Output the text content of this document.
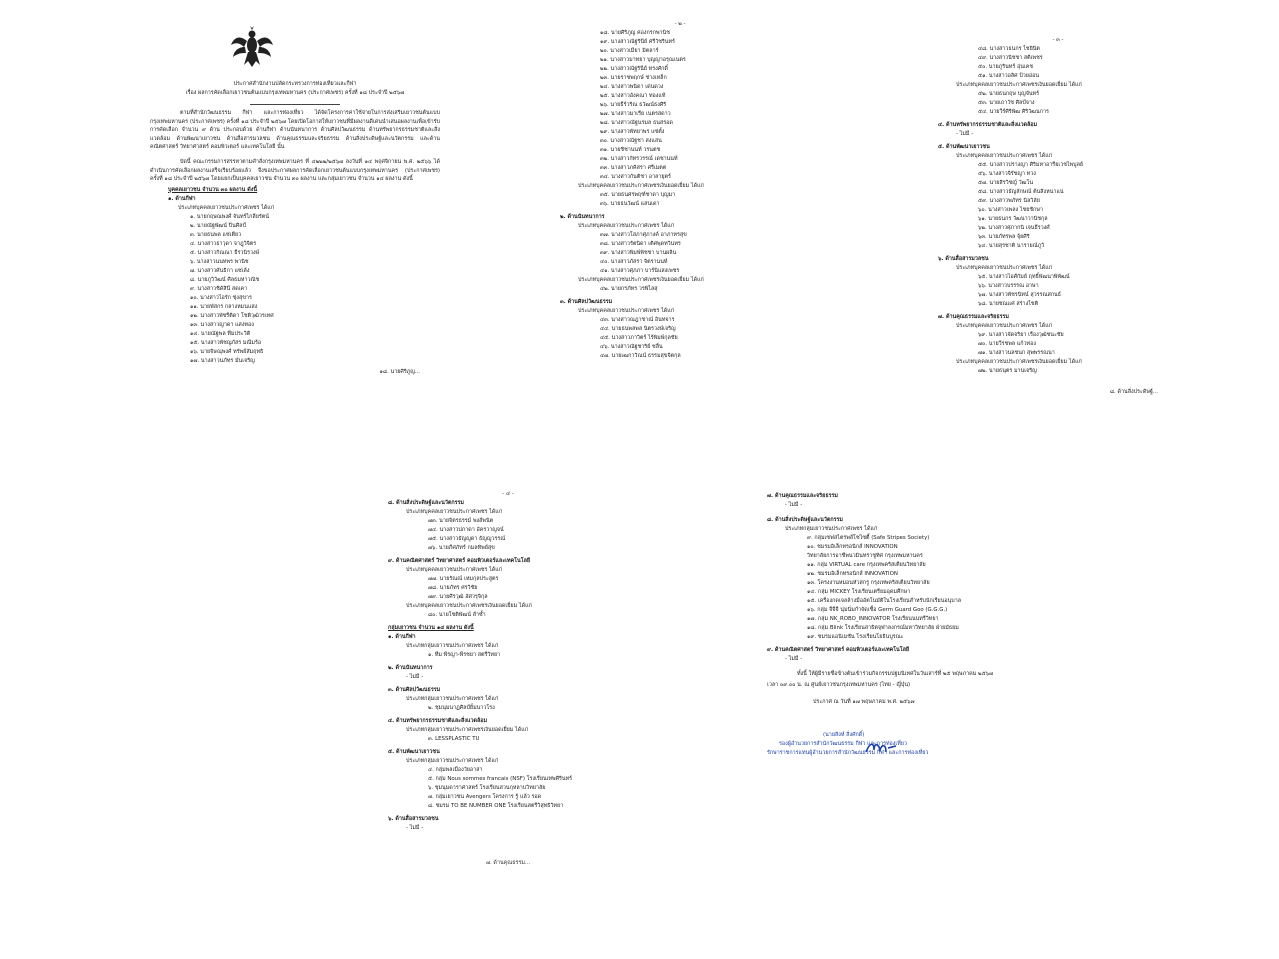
ประกาศสำนักงานปลัดกระทรวงการท่องเที่ยวและกีฬา
เรื่อง ผลการคัดเลือกเยาวชนต้นแบบกรุงเทพมหานคร (ประกาศเพชร) ครั้งที่ ๑๘ ประจำปี ๒๕๖๗
ตามที่สำนักวัฒนธรรม กีฬา และการท่องเที่ยว ได้จัดโครงการค่าใช้จ่ายในการส่งเสริมเยาวชนต้นแบบกรุงเทพมหานคร (ประกาศเพชร) ครั้งที่ ๑๘ ประจำปี ๒๕๖๗ โดยเปิดโอกาสให้เยาวชนที่มีผลงานดีเด่นนำเสนอผลงานเพื่อเข้ารับการคัดเลือก จำนวน ๙ ด้าน ประกอบด้วย ด้านกีฬา ด้านนันทนาการ ด้านศิลปวัฒนธรรม ด้านทรัพยากรธรรมชาติและสิ่งแวดล้อม ด้านพัฒนาเยาวชน ด้านสื่อสารมวลชน ด้านคุณธรรมและจริยธรรม ด้านสิ่งประดิษฐ์และนวัตกรรม และด้านคณิตศาสตร์ วิทยาศาสตร์ คอมพิวเตอร์ และเทคโนโลยี นั้น
บัดนี้ คณะกรรมการสรรหาตามคำสั่งกรุงเทพมหานคร ที่ ๔๒๒๒/๒๕๖๗ ลงวันที่ ๑๔ พฤศจิกายน พ.ศ. ๒๕๖๖ ได้ดำเนินการคัดเลือกผลงานเสร็จเรียบร้อยแล้ว จึงขอประกาศผลการคัดเลือกเยาวชนต้นแบบกรุงเทพมหานคร (ประกาศเพชร) ครั้งที่ ๑๘ ประจำปี ๒๕๖๗ โดยแยกเป็นบุคคลเยาวชน จำนวน ๓๐ ผลงาน และกลุ่มเยาวชน จำนวน ๑๔ ผลงาน ดังนี้
บุคคลเยาวชน จำนวน ๓๐ ผลงาน ดังนี้
๑. ด้านกีฬา
ประเภทบุคคลเยาวชนประกาศเพชร ได้แก่
๑. นายกฤษณพงศ์ จันทร์ไกลียรัตน์
๒. นายณัฐพัฒน์ ปิ่นศิลป์
๓. นายธนพล แซ่เตียว
๔. นางสาวธาวุดา จาฎุวิจิตร
๕. นางสาวกิณณา ธีรวนิรวงษ์
๖. นางสาวนนทพร พานิช
๗. นางสาวศันธิกา แซ่เล้ง
๘. นายภูวิวัฒน์ ศิลธมหาวณิช
๙. นางสาวชิดัสินี สดเคา
๑๐. นางสาวไอรัก ซุ่งสุขาร
๑๑. นายพัสกร กลางหมนแสง
๑๒. นางสาวพัชรีติดา โชติวุฒิวรเทศ
๑๓. นางสาวญาดา แสงทอง
๑๔. นายณัฐพล ทีมประวิติ
๑๕. นางสาวพัชญภัสร มณีมร้อ
๑๖. นายจิษณุพงศ์ ทรัพย์สัมฤทธิ
๑๗. นางสาวนภัทร มั่นเจริญ
๑๘. นายศิริภูญ...
- ๒ -
๑๘. นายศิริภูญ ค่องกรกพานิช
๑๙. นางสาวณัฐรินีย์ ศรีวัชรินทร์
๒๐. นางสาวเมียา มิตลาร์
๒๑. นางสาวมาทยา บุญญาอรุณเนตร
๒๒. นางสาวณัฐรินีย์ ทรงศักดิ์
๒๓. นายราชพฤกษ์ ช่างเหล็ก
๒๔. นางสาวพนิดา เด่นดวง
๒๕. นางสาวอังคณา ทองแท้
๒๖. นายธีร์วริณ ธวัฒน์ธงศิริ
๒๗. นางสาวมาเรีย เนตรสดาว
๒๘. นางสาวณัฐนรมล ธนสรอด
๒๙. นางสาวพัทยาพร แซ่ตั้ง
๓๐. นางสาวณัฐชา สงแสน
๓๑. นายชิชานนท์ วรนตช
๓๒. นางสาวกัทรวรรณ์ เดชานนท์
๓๓. นางสาวภคิสรา ศรีเมตต
๓๔. นางสาวกันติชา อาลายุตร์
ประเภทบุคคลเยาวชนประกาศเพชรเงินยอดเยี่ยม ได้แก่
๓๕. นายธนศรพฤฑ์ชาดา บุญมา
๓๖. นายธนวัฒน์ แสนเดา
๒. ด้านนันทนาการ
ประเภทบุคคลเยาวชนประกาศเพชร ได้แก่
๓๗. นางสาวโสภาศุภางค์ อาภาทรสุข
๓๘. นางสาวรัตนิดา เติศพุดทวินทร
๓๙. นางสาวพิมพ์พิชชา บานผลิน
๔๐. นางสาวภัสรา จิตรานนท์
๔๑. นางสาวศุภภา บาร์นิแสงเพชร
ประเภทบุคคลเยาวชนประกาศเพชรเงินยอดเยี่ยม ได้แก่
๔๒. นายกรภัทร วรพิไลสุ
๓. ด้านศิลปวัฒนธรรม
ประเภทบุคคลเยาวชนประกาศเพชร ได้แก่
๔๓. นางสาวณฎาชาณ์ อินทจาร
๔๔. นายธนพลพล นิตรวงษ์เจริญ
๔๕. นางสาวภาวิตร์ ไร้พิมพ์กุลชัย
๔๖. นางสาวณัฐชาริย์ ชลื่น
๔๗. นายเฒกาวิณน์ ธรรมสุขจิตกุล
- ๓ -
๔๘. นางสาวธนกร ไชยินิต
๔๙. นางสาวนิชชา สติเพชร
๕๐. นายภูรินทร์ อุ่นเคช
๕๑. นางสาวอลิศ ป้วยอ่อน
ประเภทบุคคลเยาวชนประกาศเพชรเงินยอดเยี่ยม ได้แก่
๕๒. นายธนกฤษ บุญจันทร์
๕๓. นายเถาวัช ศิลป์จาง
๕๔. นายวีร์ศิริพัฒ ศิริวัฒนการ
๔. ด้านทรัพยากรธรรมชาติและสิ่งแวดล้อม
- ไม่มี -
๕. ด้านพัฒนาเยาวชน
ประเภทบุคคลเยาวชนประกาศเพชร ได้แก่
๕๕. นางสาวปรางญา ศิริมหาอารียเวชไพบูลย์
๕๖. นางสาวจิรัชญา ทวง
๕๗. นายสิรวิชญ์ วัฒโน
๕๘. นางสาวธัญลักษณ์ ต้นสิงหนาแน่
๕๙. นางสาวพภัทร นิลวิลัย
๖๐. นางสาวเพลง ไชยชักษา
๖๑. นายธนกร วัฒนาวานิชกุล
๖๒. นางสาวศุภากนิ เจนธีรวงศ์
๖๓. นายภัทรพล จุ้ยศิริ
๖๔. นายสุรชาติ นารายณ์ภูวิ
๖. ด้านสื่อสารมวลชน
ประเภทบุคคลเยาวชนประกาศเพชร ได้แก่
๖๕. นางสาวไอศ์กัมย์ ฤทธิ์พัฒนาพิพัฒน์
๖๖. นางสาวบรรรณ อาษา
๖๗. นางสาวพัชรนิทน์ สุวรรณสกนธ์
๖๘. นายชณเเศ สร่างไชติ
๗. ด้านคุณธรรมและจริยธรรม
ประเภทบุคคลเยาวชนประกาศเพชร ได้แก่
๖๙. นางสาวจัดจริยา เรืองวุฒิชนะชัย
๗๐. นายวีรชพล แก้วทอง
๗๑. นางสาวนลชนก สุพพรรณนา
ประเภทบุคคลเยาวชนประกาศเพชรเงินยอดเยี่ยม ได้แก่
๗๒. นายธนุตร มานเจริญ
๘. ด้านสิ่งประดิษฐ์...
- ๔ -
๘. ด้านสิ่งประดิษฐ์และนวัตกรรม
ประเภทบุคคลเยาวชนประกาศเพชร ได้แก่
๗๓. นายจิตรธรรม์ พงส์พนิต
๗๔. นางสาวปภาดา อัครวาญจน์
๗๕. นางสาวธัญญูดา ธัญญูวรรณ์
๗๖. นายภีศภัทร์ กมลทิพย์สุข
๙. ด้านคณิตศาสตร์ วิทยาศาสตร์ คอมพิวเตอร์และเทคโนโลยี
ประเภทบุคคลเยาวชนประกาศเพชร ได้แก่
๗๗. นายรัณณ์ เหมกุลประสูตร
๗๘. นายภัทร ศรวิชัย
๗๙. นายศิรวุฒิ อัศวรุจิกุล
ประเภทบุคคลเยาวชนประกาศเพชรเงินยอดเยี่ยม ได้แก่
๘๐. นายโชติพัฒน์ ลำซ้ำ
กลุ่มเยาวชน จำนวน ๑๔ ผลงาน ดังนี้
๑. ด้านกีฬา
ประเภทกลุ่มเยาวชนประกาศเพชร ได้แก่
๑. ทีม พีรญา-พีรชยา สตรีวิทยา
๒. ด้านนันทนาการ
- ไม่มี -
๓. ด้านศิลปวัฒนธรรม
ประเภทกลุ่มเยาวชนประกาศเพชร ได้แก่
๒. ชุมนุมนาฏศิลป์ยิ้มนาวโรง
๔. ด้านทรัพยากรธรรมชาติและสิ่งแวดล้อม
ประเภทกลุ่มเยาวชนประกาศเพชรเงินยอดเยี่ยม ได้แก่
๓. LESSPLASTIC TU
๕. ด้านพัฒนาเยาวชน
ประเภทกลุ่มเยาวชนประกาศเพชร ได้แก่
๔. กลุ่มพลเมืองวัยอาสา
๕. กลุ่ม Nous sommes francais (NSF) โรงเรียนเทพศิรินทร์
๖. ชุมนุมดาราศาสตร์ โรงเรียนสวนกุหลาบวิทยาลัย
๗. กลุ่มเยาวชน Avengers โครงการ รู้ แล้ว รอด
๘. ชมรม TO BE NUMBER ONE โรงเรียนสตรีวิสุทธิวิทยา
๖. ด้านสื่อสารมวลชน
- ไม่มี -
๗. ด้านคุณธรรม...
๗. ด้านคุณธรรมและจริยธรรม
- ไม่มี -
๘. ด้านสิ่งประดิษฐ์และนวัตกรรม
ประเภทกลุ่มเยาวชนประกาศเพชร ได้แก่
๙. กลุ่มเซฟสไตรพส์โซไซตี้ (Safe Stripes Society)
๑๐. ชมรมอิเล็กทรอนิกส์ INNOVATION
วิทยาลัยการอาชีพนวมินทราชูทิศ กรุงเทพมหานคร
๑๑. กลุ่ม VIRTUAL care กรุงเทพคริสเตียนวิทยาลัย
๑๒. ชมรมอิเล็กทรอนิกส์ INNOVATION
๑๓. โครงงานหมอนหัวสกรู กรุงเทพคริสเตียนวิทยาลัย
๑๔. กลุ่ม MICKEY โรงเรียนเตรียมอุดมศึกษา
๑๕. เครื่องกดเจลล้างมืออัตโนมัติในโรงเรียนสำหรับนักเรียนอนุบาล
๑๖. กลุ่ม จีจีจี นุ่มนิ่มกำจัดเชื้อ Germ Guard Goo (G.G.G.)
๑๗. กลุ่ม NK_ROBO_INNOVATOR โรงเรียนนนทรีวิทยา
๑๘. กลุ่ม Blink โรงเรียนสาธิตจุฬาลงกรณ์มหาวิทยาลัย ฝ่ายมัธยม
๑๙. ชมรมแอนิเมชัน โรงเรียนโยธินบูรณะ
๙. ด้านคณิตศาสตร์ วิทยาศาสตร์ คอมพิวเตอร์และเทคโนโลยี
- ไม่มี -
ทั้งนี้ ให้ผู้มีรายชื่อข้างต้นเข้าร่วมกิจกรรมปฐมนิเทศในวันเสาร์ที่ ๒๕ พฤษภาคม ๒๕๖๗
เวลา ๐๙.๐๐ น. ณ ศูนย์เยาวชนกรุงเทพมหานคร (ไทย - ญี่ปุ่น)
ประกาศ ณ วันที่ ๑๗ พฤษภาคม พ.ศ. ๒๕๖๗
(นายสิงห์ สิ่งศักดิ์)
รองผู้อำนวยการสำนักวัฒนธรรม กีฬา และการท่องเที่ยว
รักษาราชการแทนผู้อำนวยการสำนักวัฒนธรรม กีฬา และการท่องเที่ยว
